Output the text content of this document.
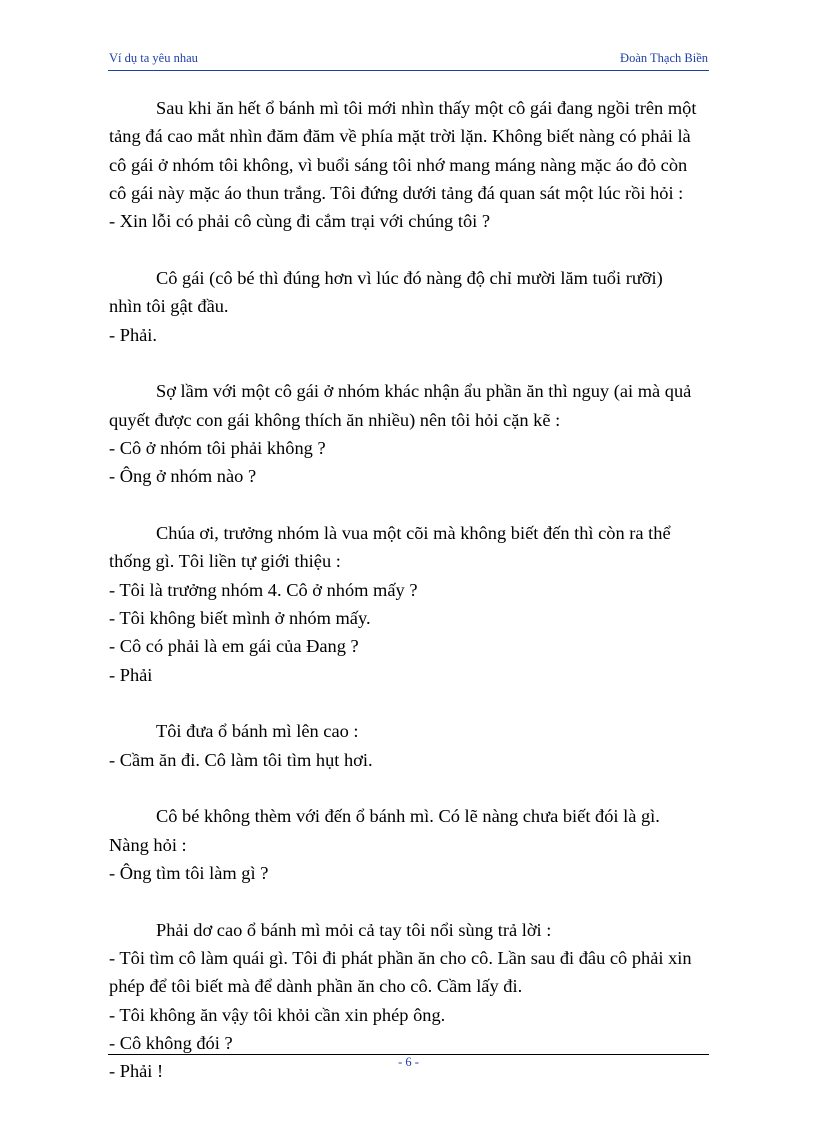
Ví dụ ta yêu nhau	Đoàn Thạch Biền
Sau khi ăn hết ổ bánh mì tôi mới nhìn thấy một cô gái đang ngồi trên một
tảng đá cao mắt nhìn đăm đăm về phía mặt trời lặn. Không biết nàng có phải là
cô gái ở nhóm tôi không, vì buổi sáng tôi nhớ mang máng nàng mặc áo đỏ còn
cô gái này mặc áo thun trắng. Tôi đứng dưới tảng đá quan sát một lúc rồi hỏi :
- Xin lỗi có phải cô cùng đi cắm trại với chúng tôi ?
Cô gái (cô bé thì đúng hơn vì lúc đó nàng độ chỉ mười lăm tuổi rưỡi)
nhìn tôi gật đầu.
- Phải.
Sợ lầm với một cô gái ở nhóm khác nhận ẩu phần ăn thì nguy (ai mà quả
quyết được con gái không thích ăn nhiều) nên tôi hỏi cặn kẽ :
- Cô ở nhóm tôi phải không ?
- Ông ở nhóm nào ?
Chúa ơi, trưởng nhóm là vua một cõi mà không biết đến thì còn ra thể
thống gì. Tôi liền tự giới thiệu :
- Tôi là trưởng nhóm 4. Cô ở nhóm mấy ?
- Tôi không biết mình ở nhóm mấy.
- Cô có phải là em gái của Đang ?
- Phải
Tôi đưa ổ bánh mì lên cao :
- Cầm ăn đi. Cô làm tôi tìm hụt hơi.
Cô bé không thèm với đến ổ bánh mì. Có lẽ nàng chưa biết đói là gì.
Nàng hỏi :
- Ông tìm tôi làm gì ?
Phải dơ cao ổ bánh mì mỏi cả tay tôi nổi sùng trả lời :
- Tôi tìm cô làm quái gì. Tôi đi phát phần ăn cho cô. Lần sau đi đâu cô phải xin
phép để tôi biết mà để dành phần ăn cho cô. Cầm lấy đi.
- Tôi không ăn vậy tôi khỏi cần xin phép ông.
- Cô không đói ?
- Phải !	- 6 -
